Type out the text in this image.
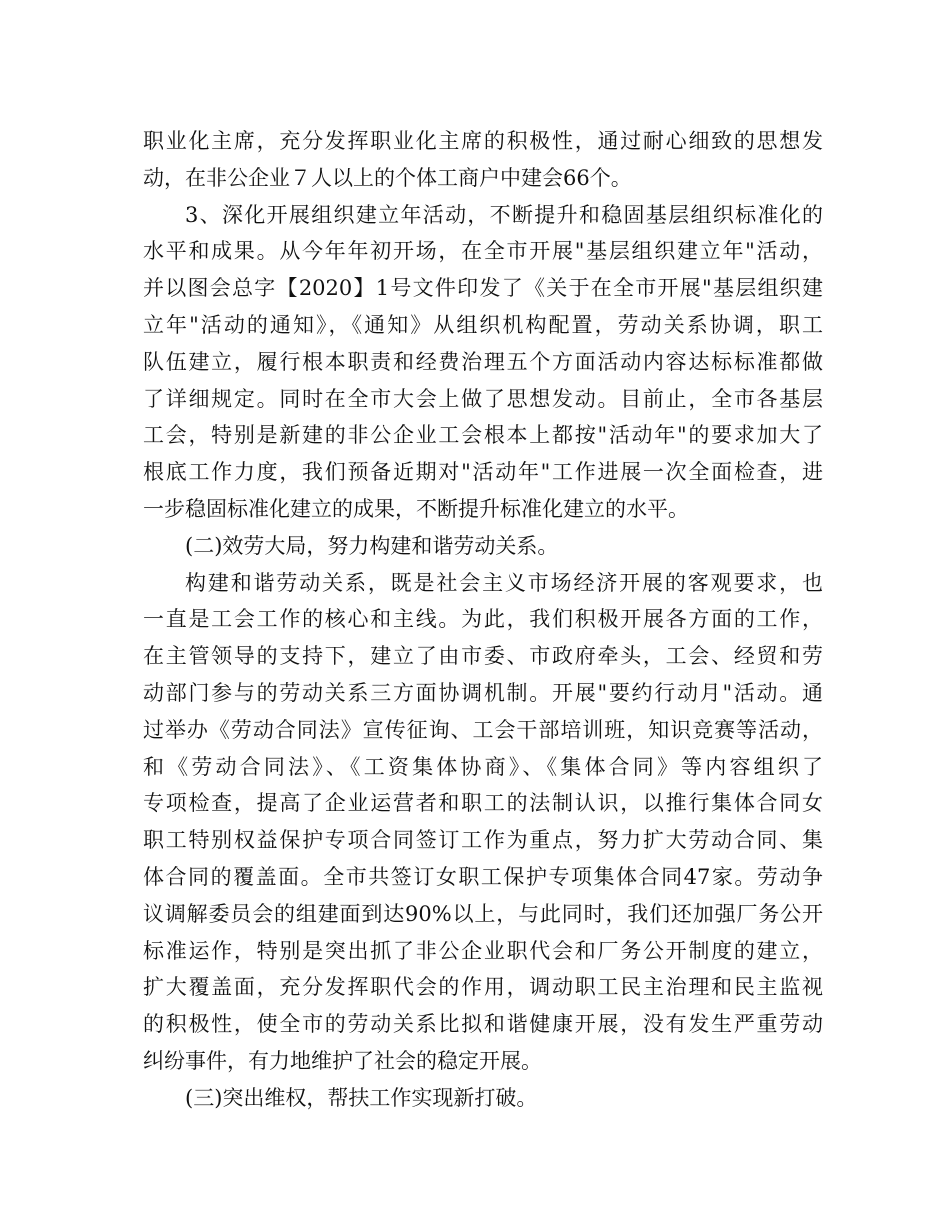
职业化主席，充分发挥职业化主席的积极性，通过耐心细致的思想发
动，在非公企业７人以上的个体工商户中建会66个。
3、深化开展组织建立年活动，不断提升和稳固基层组织标准化的
水平和成果。从今年年初开场，在全市开展"基层组织建立年"活动，
并以图会总字【2020】1号文件印发了《关于在全市开展"基层组织建
立年"活动的通知》，《通知》从组织机构配置，劳动关系协调，职工
队伍建立，履行根本职责和经费治理五个方面活动内容达标标准都做
了详细规定。同时在全市大会上做了思想发动。目前止，全市各基层
工会，特别是新建的非公企业工会根本上都按"活动年"的要求加大了
根底工作力度，我们预备近期对"活动年"工作进展一次全面检查，进
一步稳固标准化建立的成果，不断提升标准化建立的水平。
(二)效劳大局，努力构建和谐劳动关系。
构建和谐劳动关系，既是社会主义市场经济开展的客观要求，也
一直是工会工作的核心和主线。为此，我们积极开展各方面的工作，
在主管领导的支持下，建立了由市委、市政府牵头，工会、经贸和劳
动部门参与的劳动关系三方面协调机制。开展"要约行动月"活动。通
过举办《劳动合同法》宣传征询、工会干部培训班，知识竞赛等活动，
和《劳动合同法》、《工资集体协商》、《集体合同》等内容组织了
专项检查，提高了企业运营者和职工的法制认识，以推行集体合同女
职工特别权益保护专项合同签订工作为重点，努力扩大劳动合同、集
体合同的覆盖面。全市共签订女职工保护专项集体合同47家。劳动争
议调解委员会的组建面到达90%以上，与此同时，我们还加强厂务公开
标准运作，特别是突出抓了非公企业职代会和厂务公开制度的建立，
扩大覆盖面，充分发挥职代会的作用，调动职工民主治理和民主监视
的积极性，使全市的劳动关系比拟和谐健康开展，没有发生严重劳动
纠纷事件，有力地维护了社会的稳定开展。
(三)突出维权，帮扶工作实现新打破。
